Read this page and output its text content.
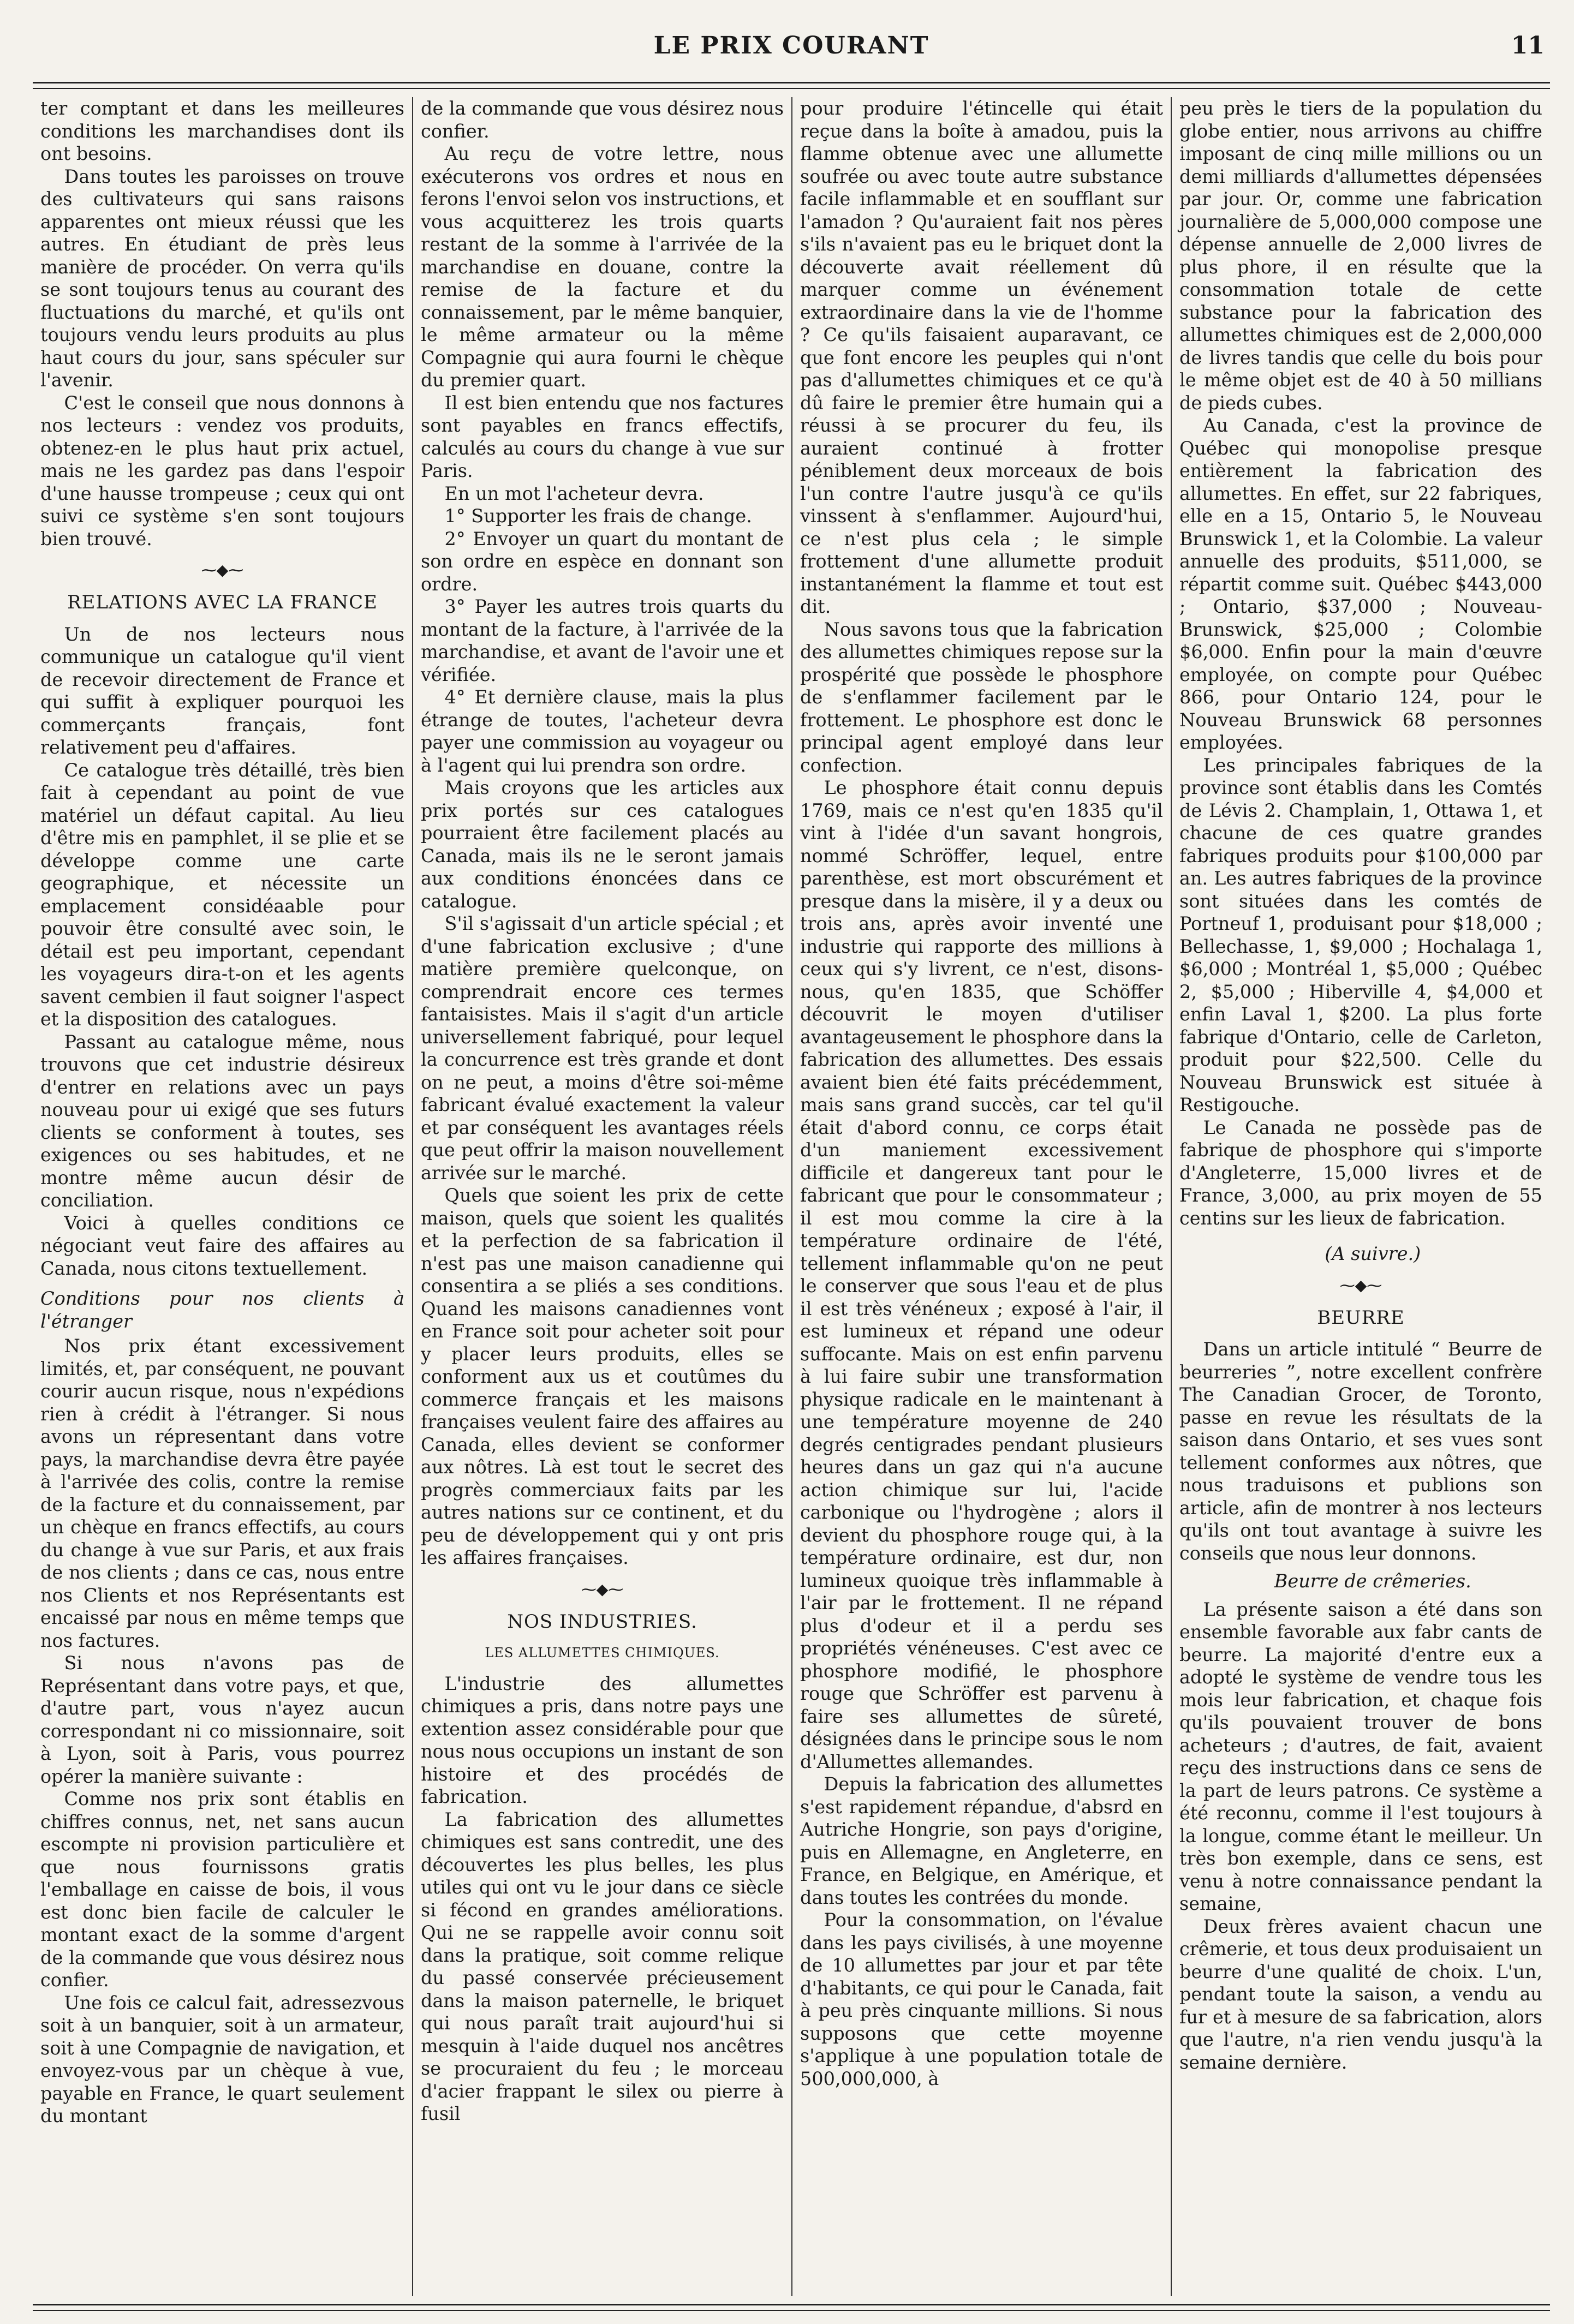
LE PRIX COURANT	11

ter comptant et dans les meilleures conditions les marchandises dont ils ont besoins.

Dans toutes les paroisses on trouve des cultivateurs qui sans raisons apparentes ont mieux réussi que les autres. En étudiant de près leus manière de procéder. On verra qu'ils se sont toujours tenus au courant des fluctuations du marché, et qu'ils ont toujours vendu leurs produits au plus haut cours du jour, sans spéculer sur l'avenir.

C'est le conseil que nous donnons à nos lecteurs : vendez vos produits, obtenez-en le plus haut prix actuel, mais ne les gardez pas dans l'espoir d'une hausse trompeuse ; ceux qui ont suivi ce système s'en sont toujours bien trouvé.

⁓◆⁓
RELATIONS AVEC LA FRANCE

Un de nos lecteurs nous communique un catalogue qu'il vient de recevoir directement de France et qui suffit à expliquer pourquoi les commerçants français, font relativement peu d'affaires.

Ce catalogue très détaillé, très bien fait à cependant au point de vue matériel un défaut capital. Au lieu d'être mis en pamphlet, il se plie et se développe comme une carte geographique, et nécessite un emplacement considéaable pour pouvoir être consulté avec soin, le détail est peu important, cependant les voyageurs dira-t-on et les agents savent cembien il faut soigner l'aspect et la disposition des catalogues.

Passant au catalogue même, nous trouvons que cet industrie désireux d'entrer en relations avec un pays nouveau pour ui exigé que ses futurs clients se conforment à toutes, ses exigences ou ses habitudes, et ne montre même aucun désir de conciliation.

Voici à quelles conditions ce négociant veut faire des affaires au Canada, nous citons textuellement.

Conditions pour nos clients à l'étranger

Nos prix étant excessivement limités, et, par conséquent, ne pouvant courir aucun risque, nous n'expédions rien à crédit à l'étranger. Si nous avons un répresentant dans votre pays, la marchandise devra être payée à l'arrivée des colis, contre la remise de la facture et du connaissement, par un chèque en francs effectifs, au cours du change à vue sur Paris, et aux frais de nos clients ; dans ce cas, nous entre nos Clients et nos Représentants est encaissé par nous en même temps que nos factures.

Si nous n'avons pas de Représentant dans votre pays, et que, d'autre part, vous n'ayez aucun correspondant ni co missionnaire, soit à Lyon, soit à Paris, vous pourrez opérer la manière suivante :

Comme nos prix sont établis en chiffres connus, net, net sans aucun escompte ni provision particulière et que nous fournissons gratis l'emballage en caisse de bois, il vous est donc bien facile de calculer le montant exact de la somme d'argent de la commande que vous désirez nous confier.

Une fois ce calcul fait, adressezvous soit à un banquier, soit à un armateur, soit à une Compagnie de navigation, et envoyez-vous par un chèque à vue, payable en France, le quart seulement du montant

de la commande que vous désirez nous confier.

Au reçu de votre lettre, nous exécuterons vos ordres et nous en ferons l'envoi selon vos instructions, et vous acquitterez les trois quarts restant de la somme à l'arrivée de la marchandise en douane, contre la remise de la facture et du connaissement, par le même banquier, le même armateur ou la même Compagnie qui aura fourni le chèque du premier quart.

Il est bien entendu que nos factures sont payables en francs effectifs, calculés au cours du change à vue sur Paris.

En un mot l'acheteur devra.

1° Supporter les frais de change.

2° Envoyer un quart du montant de son ordre en espèce en donnant son ordre.

3° Payer les autres trois quarts du montant de la facture, à l'arrivée de la marchandise, et avant de l'avoir une et vérifiée.

4° Et dernière clause, mais la plus étrange de toutes, l'acheteur devra payer une commission au voyageur ou à l'agent qui lui prendra son ordre.

Mais croyons que les articles aux prix portés sur ces catalogues pourraient être facilement placés au Canada, mais ils ne le seront jamais aux conditions énoncées dans ce catalogue.

S'il s'agissait d'un article spécial ; et d'une fabrication exclusive ; d'une matière première quelconque, on comprendrait encore ces termes fantaisistes. Mais il s'agit d'un article universellement fabriqué, pour lequel la concurrence est très grande et dont on ne peut, a moins d'être soi-même fabricant évalué exactement la valeur et par conséquent les avantages réels que peut offrir la maison nouvellement arrivée sur le marché.

Quels que soient les prix de cette maison, quels que soient les qualités et la perfection de sa fabrication il n'est pas une maison canadienne qui consentira a se pliés a ses conditions. Quand les maisons canadiennes vont en France soit pour acheter soit pour y placer leurs produits, elles se conforment aux us et coutûmes du commerce français et les maisons françaises veulent faire des affaires au Canada, elles devient se conformer aux nôtres. Là est tout le secret des progrès commerciaux faits par les autres nations sur ce continent, et du peu de développement qui y ont pris les affaires françaises.

⁓◆⁓
NOS INDUSTRIES.
LES ALLUMETTES CHIMIQUES.

L'industrie des allumettes chimiques a pris, dans notre pays une extention assez considérable pour que nous nous occupions un instant de son histoire et des procédés de fabrication.

La fabrication des allumettes chimiques est sans contredit, une des découvertes les plus belles, les plus utiles qui ont vu le jour dans ce siècle si fécond en grandes améliorations. Qui ne se rappelle avoir connu soit dans la pratique, soit comme relique du passé conservée précieusement dans la maison paternelle, le briquet qui nous paraît trait aujourd'hui si mesquin à l'aide duquel nos ancêtres se procuraient du feu ; le morceau d'acier frappant le silex ou pierre à fusil

pour produire l'étincelle qui était reçue dans la boîte à amadou, puis la flamme obtenue avec une allumette soufrée ou avec toute autre substance facile inflammable et en soufflant sur l'amadon ? Qu'auraient fait nos pères s'ils n'avaient pas eu le briquet dont la découverte avait réellement dû marquer comme un événement extraordinaire dans la vie de l'homme ? Ce qu'ils faisaient auparavant, ce que font encore les peuples qui n'ont pas d'allumettes chimiques et ce qu'à dû faire le premier être humain qui a réussi à se procurer du feu, ils auraient continué à frotter péniblement deux morceaux de bois l'un contre l'autre jusqu'à ce qu'ils vinssent à s'enflammer. Aujourd'hui, ce n'est plus cela ; le simple frottement d'une allumette produit instantanément la flamme et tout est dit.

Nous savons tous que la fabrication des allumettes chimiques repose sur la prospérité que possède le phosphore de s'enflammer facilement par le frottement. Le phosphore est donc le principal agent employé dans leur confection.

Le phosphore était connu depuis 1769, mais ce n'est qu'en 1835 qu'il vint à l'idée d'un savant hongrois, nommé Schröffer, lequel, entre parenthèse, est mort obscurément et presque dans la misère, il y a deux ou trois ans, après avoir inventé une industrie qui rapporte des millions à ceux qui s'y livrent, ce n'est, disons-nous, qu'en 1835, que Schöffer découvrit le moyen d'utiliser avantageusement le phosphore dans la fabrication des allumettes. Des essais avaient bien été faits précédemment, mais sans grand succès, car tel qu'il était d'abord connu, ce corps était d'un maniement excessivement difficile et dangereux tant pour le fabricant que pour le consommateur ; il est mou comme la cire à la température ordinaire de l'été, tellement inflammable qu'on ne peut le conserver que sous l'eau et de plus il est très vénéneux ; exposé à l'air, il est lumineux et répand une odeur suffocante. Mais on est enfin parvenu à lui faire subir une transformation physique radicale en le maintenant à une température moyenne de 240 degrés centigrades pendant plusieurs heures dans un gaz qui n'a aucune action chimique sur lui, l'acide carbonique ou l'hydrogène ; alors il devient du phosphore rouge qui, à la température ordinaire, est dur, non lumineux quoique très inflammable à l'air par le frottement. Il ne répand plus d'odeur et il a perdu ses propriétés vénéneuses. C'est avec ce phosphore modifié, le phosphore rouge que Schröffer est parvenu à faire ses allumettes de sûreté, désignées dans le principe sous le nom d'Allumettes allemandes.

Depuis la fabrication des allumettes s'est rapidement répandue, d'absrd en Autriche Hongrie, son pays d'origine, puis en Allemagne, en Angleterre, en France, en Belgique, en Amérique, et dans toutes les contrées du monde.

Pour la consommation, on l'évalue dans les pays civilisés, à une moyenne de 10 allumettes par jour et par tête d'habitants, ce qui pour le Canada, fait à peu près cinquante millions. Si nous supposons que cette moyenne s'applique à une population totale de 500,000,000, à

peu près le tiers de la population du globe entier, nous arrivons au chiffre imposant de cinq mille millions ou un demi milliards d'allumettes dépensées par jour. Or, comme une fabrication journalière de 5,000,000 compose une dépense annuelle de 2,000 livres de plus phore, il en résulte que la consommation totale de cette substance pour la fabrication des allumettes chimiques est de 2,000,000 de livres tandis que celle du bois pour le même objet est de 40 à 50 millians de pieds cubes.

Au Canada, c'est la province de Québec qui monopolise presque entièrement la fabrication des allumettes. En effet, sur 22 fabriques, elle en a 15, Ontario 5, le Nouveau Brunswick 1, et la Colombie. La valeur annuelle des produits, $511,000, se répartit comme suit. Québec $443,000 ; Ontario, $37,000 ; Nouveau-Brunswick, $25,000 ; Colombie $6,000. Enfin pour la main d'œuvre employée, on compte pour Québec 866, pour Ontario 124, pour le Nouveau Brunswick 68 personnes employées.

Les principales fabriques de la province sont établis dans les Comtés de Lévis 2. Champlain, 1, Ottawa 1, et chacune de ces quatre grandes fabriques produits pour $100,000 par an. Les autres fabriques de la province sont situées dans les comtés de Portneuf 1, produisant pour $18,000 ; Bellechasse, 1, $9,000 ; Hochalaga 1, $6,000 ; Montréal 1, $5,000 ; Québec 2, $5,000 ; Hiberville 4, $4,000 et enfin Laval 1, $200. La plus forte fabrique d'Ontario, celle de Carleton, produit pour $22,500. Celle du Nouveau Brunswick est située à Restigouche.

Le Canada ne possède pas de fabrique de phosphore qui s'importe d'Angleterre, 15,000 livres et de France, 3,000, au prix moyen de 55 centins sur les lieux de fabrication.

(A suivre.)

⁓◆⁓
BEURRE

Dans un article intitulé “ Beurre de beurreries ”, notre excellent confrère The Canadian Grocer, de Toronto, passe en revue les résultats de la saison dans Ontario, et ses vues sont tellement conformes aux nôtres, que nous traduisons et publions son article, afin de montrer à nos lecteurs qu'ils ont tout avantage à suivre les conseils que nous leur donnons.

Beurre de crêmeries.

La présente saison a été dans son ensemble favorable aux fabr cants de beurre. La majorité d'entre eux a adopté le système de vendre tous les mois leur fabrication, et chaque fois qu'ils pouvaient trouver de bons acheteurs ; d'autres, de fait, avaient reçu des instructions dans ce sens de la part de leurs patrons. Ce système a été reconnu, comme il l'est toujours à la longue, comme étant le meilleur. Un très bon exemple, dans ce sens, est venu à notre connaissance pendant la semaine,

Deux frères avaient chacun une crêmerie, et tous deux produisaient un beurre d'une qualité de choix. L'un, pendant toute la saison, a vendu au fur et à mesure de sa fabrication, alors que l'autre, n'a rien vendu jusqu'à la semaine dernière.
